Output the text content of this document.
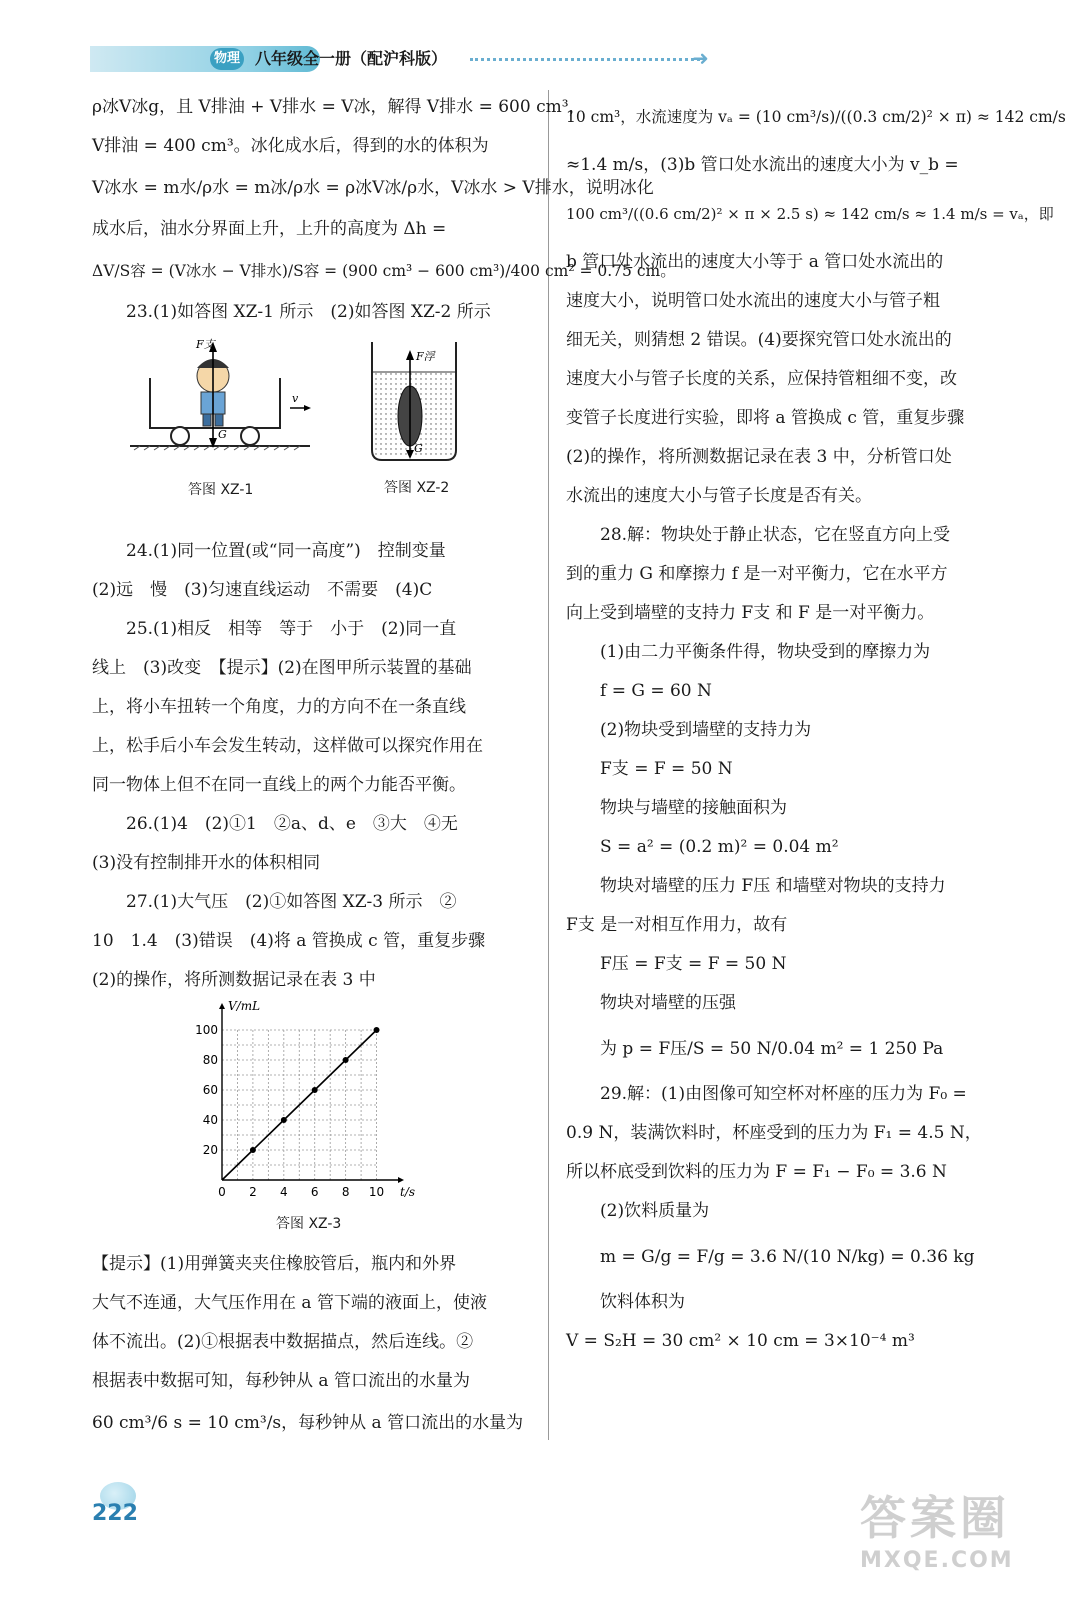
物理 八年级全一册（配沪科版）	➜

ρ冰V冰g，且 V排油 + V排水 = V冰，解得 V排水 = 600 cm³，

V排油 = 400 cm³。冰化成水后，得到的水的体积为

V冰水 = m水/ρ水 = m冰/ρ水 = ρ冰V冰/ρ水，V冰水 > V排水，说明冰化

成水后，油水分界面上升，上升的高度为 Δh =

ΔV/S容 = (V冰水 − V排水)/S容 = (900 cm³ − 600 cm³)/400 cm² = 0.75 cm。

23.(1)如答图 XZ-1 所示　(2)如答图 XZ-2 所示

F支
v
G
答图 XZ-1
F浮
G
答图 XZ-2

24.(1)同一位置(或“同一高度”)　控制变量

(2)远　慢　(3)匀速直线运动　不需要　(4)C

25.(1)相反　相等　等于　小于　(2)同一直

线上　(3)改变　【提示】(2)在图甲所示装置的基础

上，将小车扭转一个角度，力的方向不在一条直线

上，松手后小车会发生转动，这样做可以探究作用在

同一物体上但不在同一直线上的两个力能否平衡。

26.(1)4　(2)①1　②a、d、e　③大　④无

(3)没有控制排开水的体积相同

27.(1)大气压　(2)①如答图 XZ-3 所示　②

10　1.4　(3)错误　(4)将 a 管换成 c 管，重复步骤

(2)的操作，将所测数据记录在表 3 中

0 2 4 6 8 10
20
40
60
80
100
t/s
V/mL
答图 XZ-3

【提示】(1)用弹簧夹夹住橡胶管后，瓶内和外界

大气不连通，大气压作用在 a 管下端的液面上，使液

体不流出。(2)①根据表中数据描点，然后连线。②

根据表中数据可知，每秒钟从 a 管口流出的水量为

60 cm³/6 s = 10 cm³/s，每秒钟从 a 管口流出的水量为

10 cm³，水流速度为 vₐ = (10 cm³/s)/((0.3 cm/2)² × π) ≈ 142 cm/s

≈1.4 m/s，(3)b 管口处水流出的速度大小为 v_b =

100 cm³/((0.6 cm/2)² × π × 2.5 s) ≈ 142 cm/s ≈ 1.4 m/s = vₐ，即

b 管口处水流出的速度大小等于 a 管口处水流出的

速度大小，说明管口处水流出的速度大小与管子粗

细无关，则猜想 2 错误。(4)要探究管口处水流出的

速度大小与管子长度的关系，应保持管粗细不变，改

变管子长度进行实验，即将 a 管换成 c 管，重复步骤

(2)的操作，将所测数据记录在表 3 中，分析管口处

水流出的速度大小与管子长度是否有关。

28.解：物块处于静止状态，它在竖直方向上受

到的重力 G 和摩擦力 f 是一对平衡力，它在水平方

向上受到墙壁的支持力 F支 和 F 是一对平衡力。

(1)由二力平衡条件得，物块受到的摩擦力为

f = G = 60 N

(2)物块受到墙壁的支持力为

F支 = F = 50 N

物块与墙壁的接触面积为

S = a² = (0.2 m)² = 0.04 m²

物块对墙壁的压力 F压 和墙壁对物块的支持力

F支 是一对相互作用力，故有

F压 = F支 = F = 50 N

物块对墙壁的压强

为 p = F压/S = 50 N/0.04 m² = 1 250 Pa

29.解：(1)由图像可知空杯对杯座的压力为 F₀ =

0.9 N，装满饮料时，杯座受到的压力为 F₁ = 4.5 N，

所以杯底受到饮料的压力为 F = F₁ − F₀ = 3.6 N

(2)饮料质量为

m = G/g = F/g = 3.6 N/(10 N/kg) = 0.36 kg

饮料体积为

V = S₂H = 30 cm² × 10 cm = 3×10⁻⁴ m³

222	答案圈
MXQE.COM
